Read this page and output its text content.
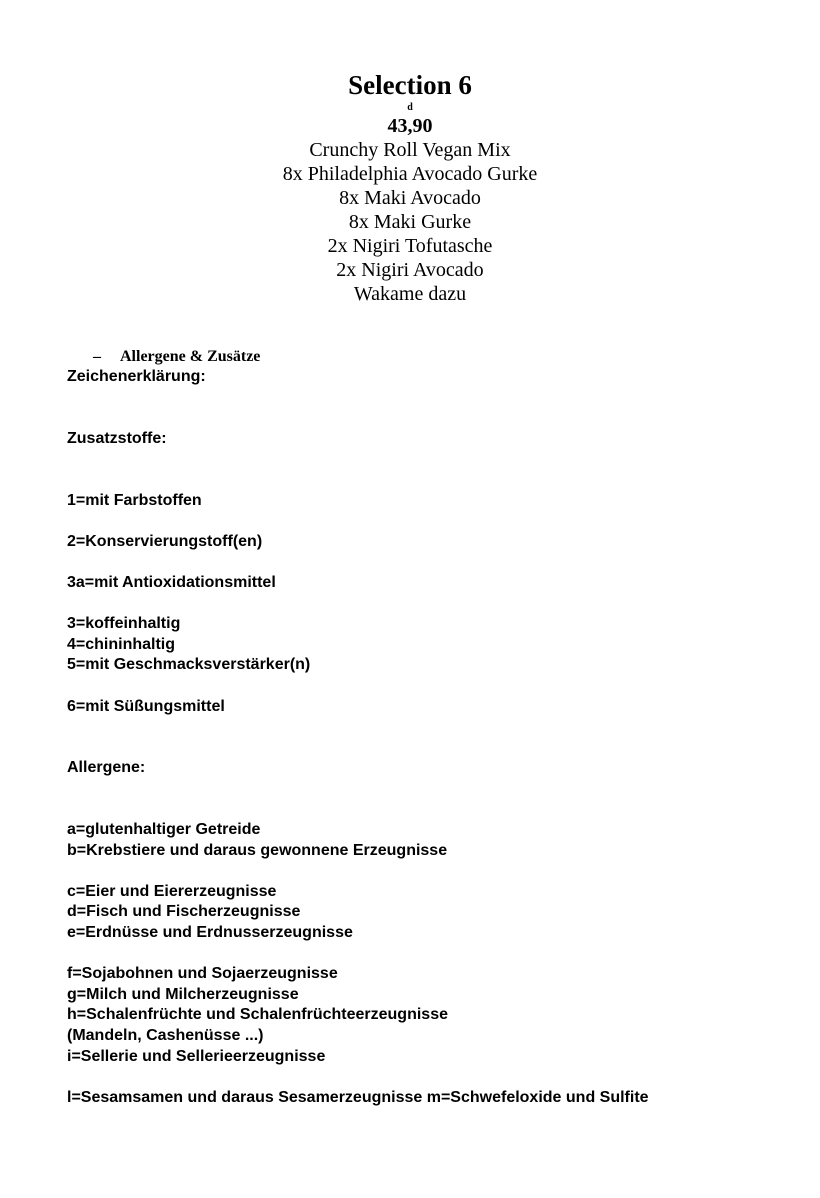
Selection 6
d
43,90
Crunchy Roll Vegan Mix
8x Philadelphia Avocado Gurke
8x Maki Avocado
8x Maki Gurke
2x Nigiri Tofutasche
2x Nigiri Avocado
Wakame dazu
– Allergene & Zusätze
Zeichenerklärung:
Zusatzstoffe:
1=mit Farbstoffen
2=Konservierungstoff(en)
3a=mit Antioxidationsmittel
3=koffeinhaltig
4=chininhaltig
5=mit Geschmacksverstärker(n)
6=mit Süßungsmittel
Allergene:
a=glutenhaltiger Getreide
b=Krebstiere und daraus gewonnene Erzeugnisse
c=Eier und Eiererzeugnisse
d=Fisch und Fischerzeugnisse
e=Erdnüsse und Erdnusserzeugnisse
f=Sojabohnen und Sojaerzeugnisse
g=Milch und Milcherzeugnisse
h=Schalenfrüchte und Schalenfrüchteerzeugnisse
(Mandeln, Cashenüsse ...)
i=Sellerie und Sellerieerzeugnisse
l=Sesamsamen und daraus Sesamerzeugnisse m=Schwefeloxide und Sulfite
